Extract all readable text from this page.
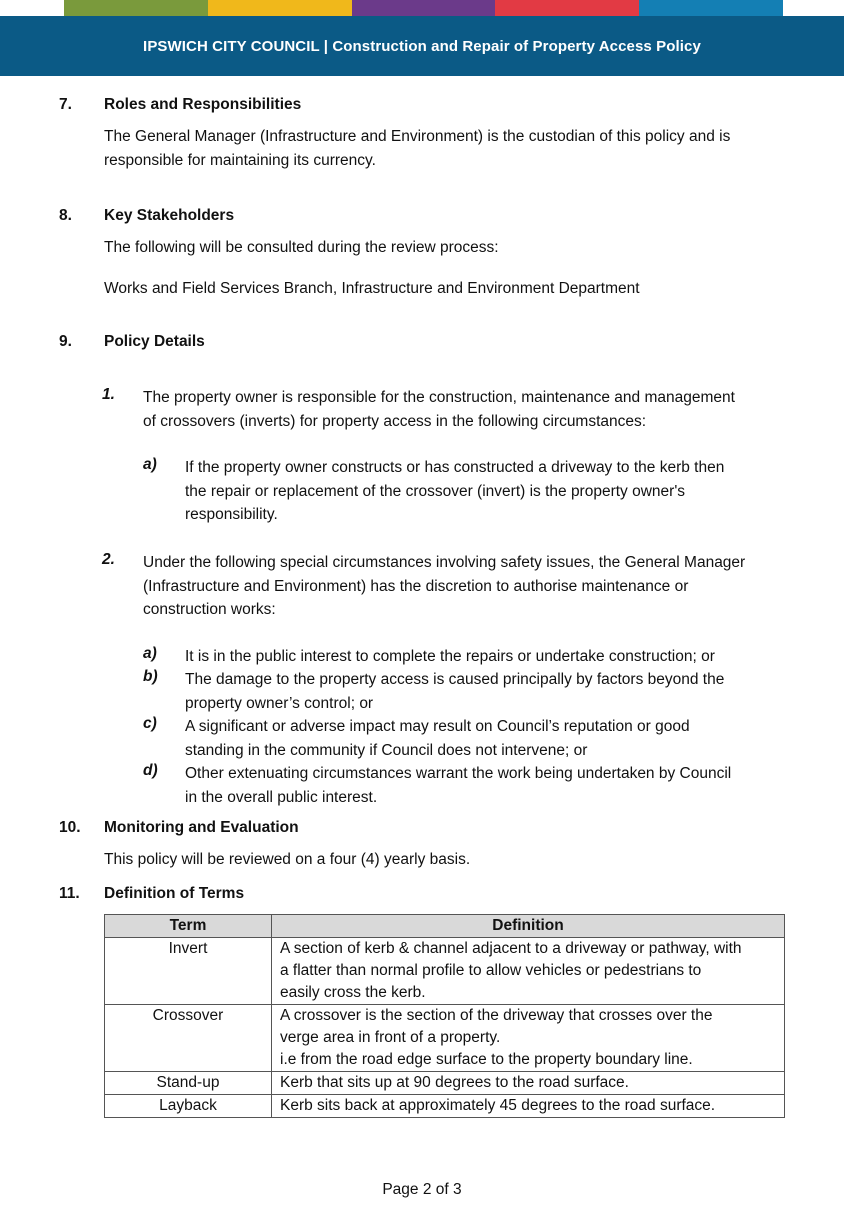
IPSWICH CITY COUNCIL | Construction and Repair of Property Access Policy
7. Roles and Responsibilities
The General Manager (Infrastructure and Environment) is the custodian of this policy and is
responsible for maintaining its currency.
8. Key Stakeholders
The following will be consulted during the review process:
Works and Field Services Branch, Infrastructure and Environment Department
9. Policy Details
1. The property owner is responsible for the construction, maintenance and management
of crossovers (inverts) for property access in the following circumstances:
a) If the property owner constructs or has constructed a driveway to the kerb then
the repair or replacement of the crossover (invert) is the property owner's
responsibility.
2. Under the following special circumstances involving safety issues, the General Manager
(Infrastructure and Environment) has the discretion to authorise maintenance or
construction works:
a) It is in the public interest to complete the repairs or undertake construction; or
b) The damage to the property access is caused principally by factors beyond the
property owner’s control; or
c) A significant or adverse impact may result on Council’s reputation or good
standing in the community if Council does not intervene; or
d) Other extenuating circumstances warrant the work being undertaken by Council
in the overall public interest.
10. Monitoring and Evaluation
This policy will be reviewed on a four (4) yearly basis.
11. Definition of Terms
Term	Definition
Invert	A section of kerb & channel adjacent to a driveway or pathway, with
a flatter than normal profile to allow vehicles or pedestrians to
easily cross the kerb.

Crossover	A crossover is the section of the driveway that crosses over the
verge area in front of a property.
i.e from the road edge surface to the property boundary line.

Stand-up	Kerb that sits up at 90 degrees to the road surface.

Layback	Kerb sits back at approximately 45 degrees to the road surface.
Page 2 of 3
